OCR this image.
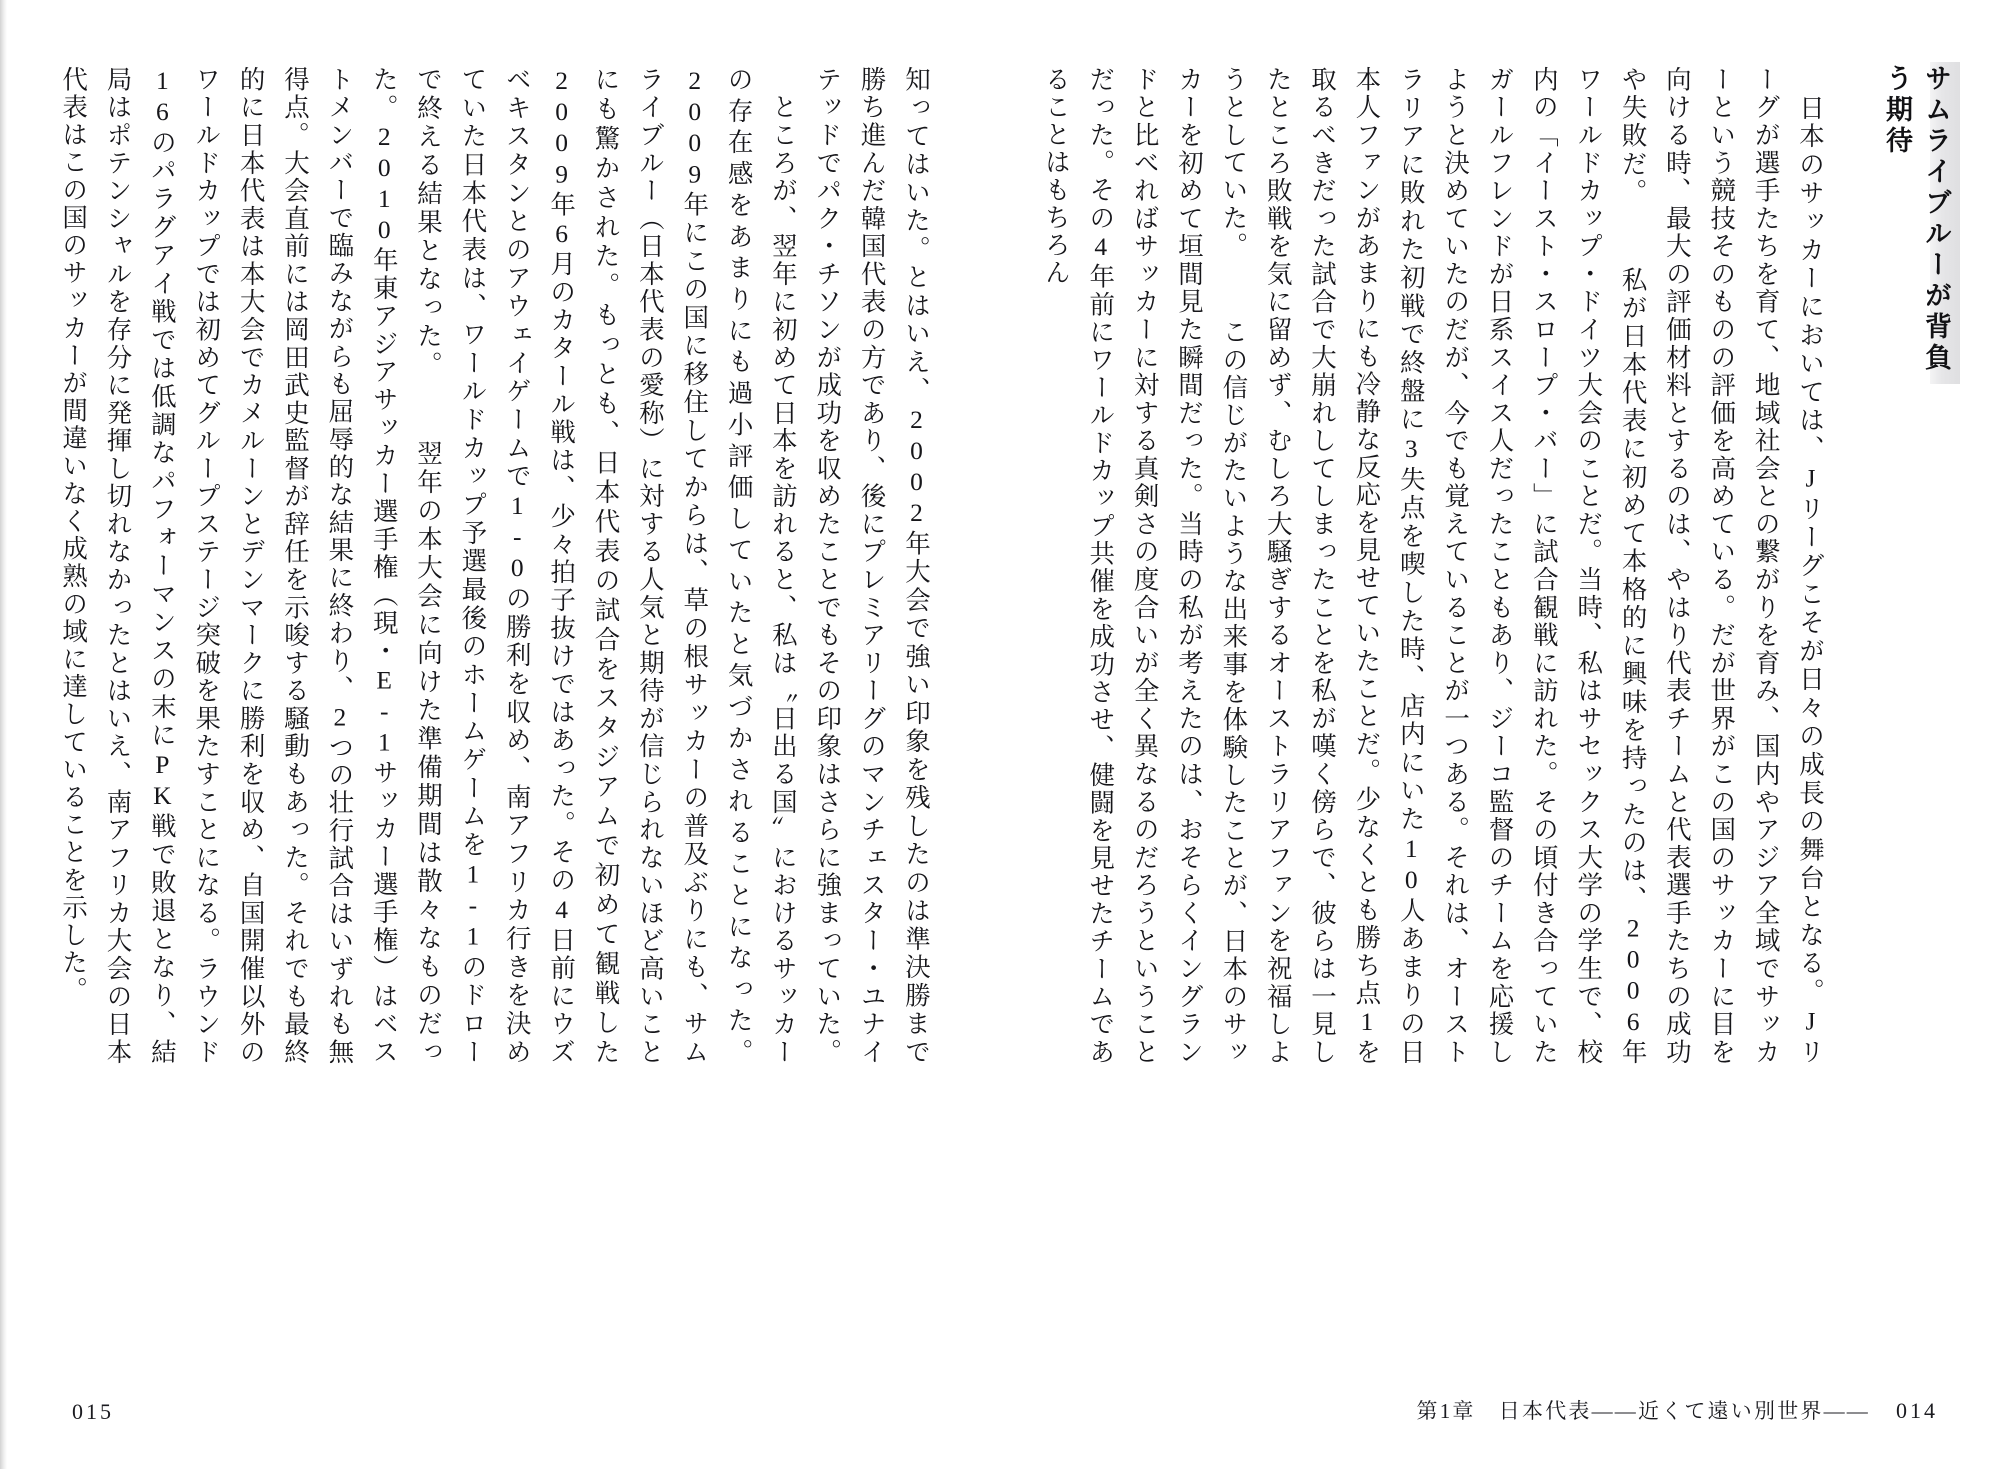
サムライブルーが背負う期待
　日本のサッカーにおいては、Jリーグこそが日々の成長の舞台となる。Jリーグが選手たちを育て、地域社会との繋がりを育み、国内やアジア全域でサッカーという競技そのものの評価を高めている。だが世界がこの国のサッカーに目を向ける時、最大の評価材料とするのは、やはり代表チームと代表選手たちの成功や失敗だ。 　私が日本代表に初めて本格的に興味を持ったのは、2006年ワールドカップ・ドイツ大会のことだ。当時、私はサセックス大学の学生で、校内の「イースト・スロープ・バー」に試合観戦に訪れた。その頃付き合っていたガールフレンドが日系スイス人だったこともあり、ジーコ監督のチームを応援しようと決めていたのだが、今でも覚えていることが一つある。それは、オーストラリアに敗れた初戦で終盤に3失点を喫した時、店内にいた10人あまりの日本人ファンがあまりにも冷静な反応を見せていたことだ。少なくとも勝ち点1を取るべきだった試合で大崩れしてしまったことを私が嘆く傍らで、彼らは一見したところ敗戦を気に留めず、むしろ大騒ぎするオーストラリアファンを祝福しようとしていた。 　この信じがたいような出来事を体験したことが、日本のサッカーを初めて垣間見た瞬間だった。当時の私が考えたのは、おそらくイングランドと比べればサッカーに対する真剣さの度合いが全く異なるのだろうということだった。その4年前にワールドカップ共催を成功させ、健闘を見せたチームであることはもちろん
第1章　日本代表——近くて遠い別世界—— 014
知ってはいた。とはいえ、2002年大会で強い印象を残したのは準決勝まで勝ち進んだ韓国代表の方であり、後にプレミアリーグのマンチェスター・ユナイテッドでパク・チソンが成功を収めたことでもその印象はさらに強まっていた。 　ところが、翌年に初めて日本を訪れると、私は〝日出る国〟におけるサッカーの存在感をあまりにも過小評価していたと気づかされることになった。2009年にこの国に移住してからは、草の根サッカーの普及ぶりにも、サムライブルー（日本代表の愛称）に対する人気と期待が信じられないほど高いことにも驚かされた。もっとも、日本代表の試合をスタジアムで初めて観戦した2009年6月のカタール戦は、少々拍子抜けではあった。その4日前にウズベキスタンとのアウェイゲームで1-0の勝利を収め、南アフリカ行きを決めていた日本代表は、ワールドカップ予選最後のホームゲームを1-1のドローで終える結果となった。 　翌年の本大会に向けた準備期間は散々なものだった。2010年東アジアサッカー選手権（現・E-1サッカー選手権）はベストメンバーで臨みながらも屈辱的な結果に終わり、2つの壮行試合はいずれも無得点。大会直前には岡田武史監督が辞任を示唆する騒動もあった。それでも最終的に日本代表は本大会でカメルーンとデンマークに勝利を収め、自国開催以外のワールドカップでは初めてグループステージ突破を果たすことになる。ラウンド16のパラグアイ戦では低調なパフォーマンスの末にPK戦で敗退となり、結局はポテンシャルを存分に発揮し切れなかったとはいえ、南アフリカ大会の日本代表はこの国のサッカーが間違いなく成熟の域に達していることを示した。
015
